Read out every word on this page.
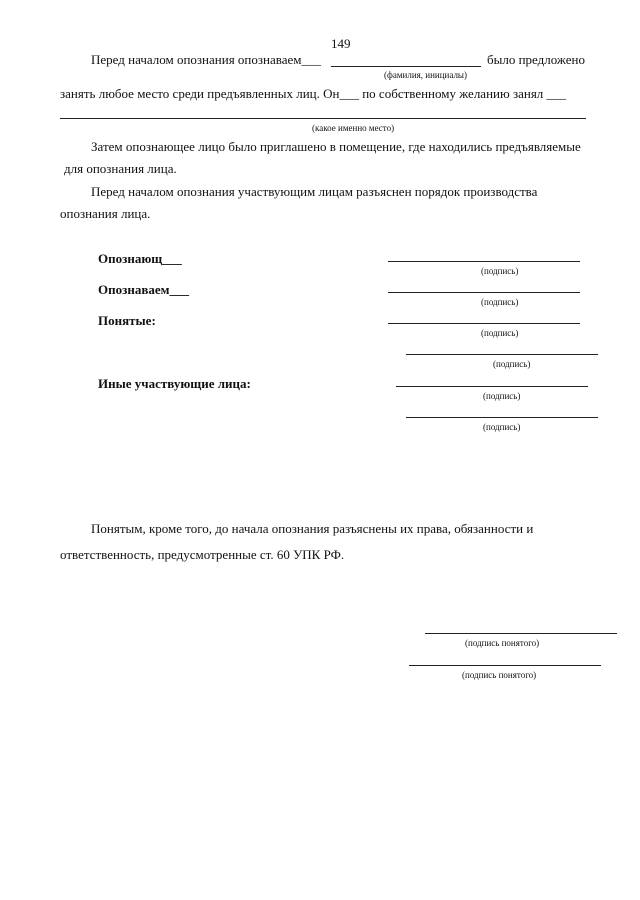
149
Перед началом опознания опознаваем___	было предложено
(фамилия, инициалы)
занять любое место среди предъявленных лиц. Он___ по собственному желанию занял ___
(какое именно место)
Затем опознающее лицо было приглашено в помещение, где находились предъявляемые
для опознания лица.
Перед началом опознания участвующим лицам разъяснен порядок производства
опознания лица.
Опознающ___
(подпись)
Опознаваем___
(подпись)
Понятые:
(подпись)
(подпись)
Иные участвующие лица:
(подпись)
(подпись)
Понятым, кроме того, до начала опознания разъяснены их права, обязанности и
ответственность, предусмотренные ст. 60 УПК РФ.
(подпись понятого)
(подпись понятого)
